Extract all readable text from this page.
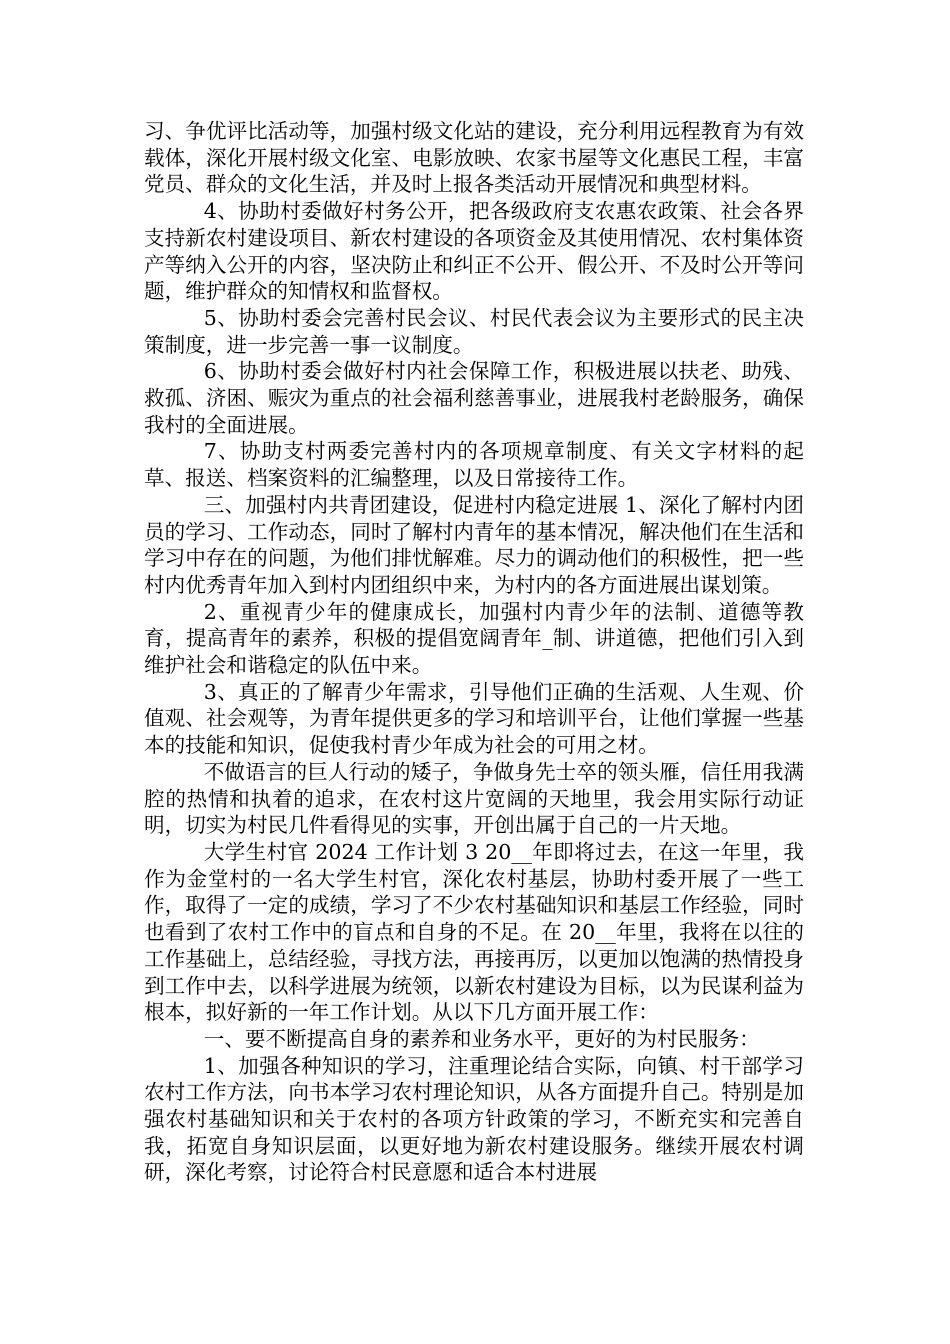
习、争优评比活动等，加强村级文化站的建设，充分利用远程教育为有效载体，深化开展村级文化室、电影放映、农家书屋等文化惠民工程，丰富党员、群众的文化生活，并及时上报各类活动开展情况和典型材料。

4、协助村委做好村务公开，把各级政府支农惠农政策、社会各界支持新农村建设项目、新农村建设的各项资金及其使用情况、农村集体资产等纳入公开的内容，坚决防止和纠正不公开、假公开、不及时公开等问题，维护群众的知情权和监督权。

5、协助村委会完善村民会议、村民代表会议为主要形式的民主决策制度，进一步完善一事一议制度。

6、协助村委会做好村内社会保障工作，积极进展以扶老、助残、救孤、济困、赈灾为重点的社会福利慈善事业，进展我村老龄服务，确保我村的全面进展。

7、协助支村两委完善村内的各项规章制度、有关文字材料的起草、报送、档案资料的汇编整理，以及日常接待工作。

三、加强村内共青团建设，促进村内稳定进展 1、深化了解村内团员的学习、工作动态，同时了解村内青年的基本情况，解决他们在生活和学习中存在的问题，为他们排忧解难。尽力的调动他们的积极性，把一些村内优秀青年加入到村内团组织中来，为村内的各方面进展出谋划策。

2、重视青少年的健康成长，加强村内青少年的法制、道德等教育，提高青年的素养，积极的提倡宽阔青年_制、讲道德，把他们引入到维护社会和谐稳定的队伍中来。

3、真正的了解青少年需求，引导他们正确的生活观、人生观、价值观、社会观等，为青年提供更多的学习和培训平台，让他们掌握一些基本的技能和知识，促使我村青少年成为社会的可用之材。

不做语言的巨人行动的矮子，争做身先士卒的领头雁，信任用我满腔的热情和执着的追求，在农村这片宽阔的天地里，我会用实际行动证明，切实为村民几件看得见的实事，开创出属于自己的一片天地。

大学生村官 2024 工作计划 3 20__年即将过去，在这一年里，我作为金堂村的一名大学生村官，深化农村基层，协助村委开展了一些工作，取得了一定的成绩，学习了不少农村基础知识和基层工作经验，同时也看到了农村工作中的盲点和自身的不足。在 20__年里，我将在以往的工作基础上，总结经验，寻找方法，再接再厉，以更加以饱满的热情投身到工作中去，以科学进展为统领，以新农村建设为目标，以为民谋利益为根本，拟好新的一年工作计划。从以下几方面开展工作：

一、要不断提高自身的素养和业务水平，更好的为村民服务：

1、加强各种知识的学习，注重理论结合实际，向镇、村干部学习农村工作方法，向书本学习农村理论知识，从各方面提升自己。特别是加强农村基础知识和关于农村的各项方针政策的学习，不断充实和完善自我，拓宽自身知识层面，以更好地为新农村建设服务。继续开展农村调研，深化考察，讨论符合村民意愿和适合本村进展
